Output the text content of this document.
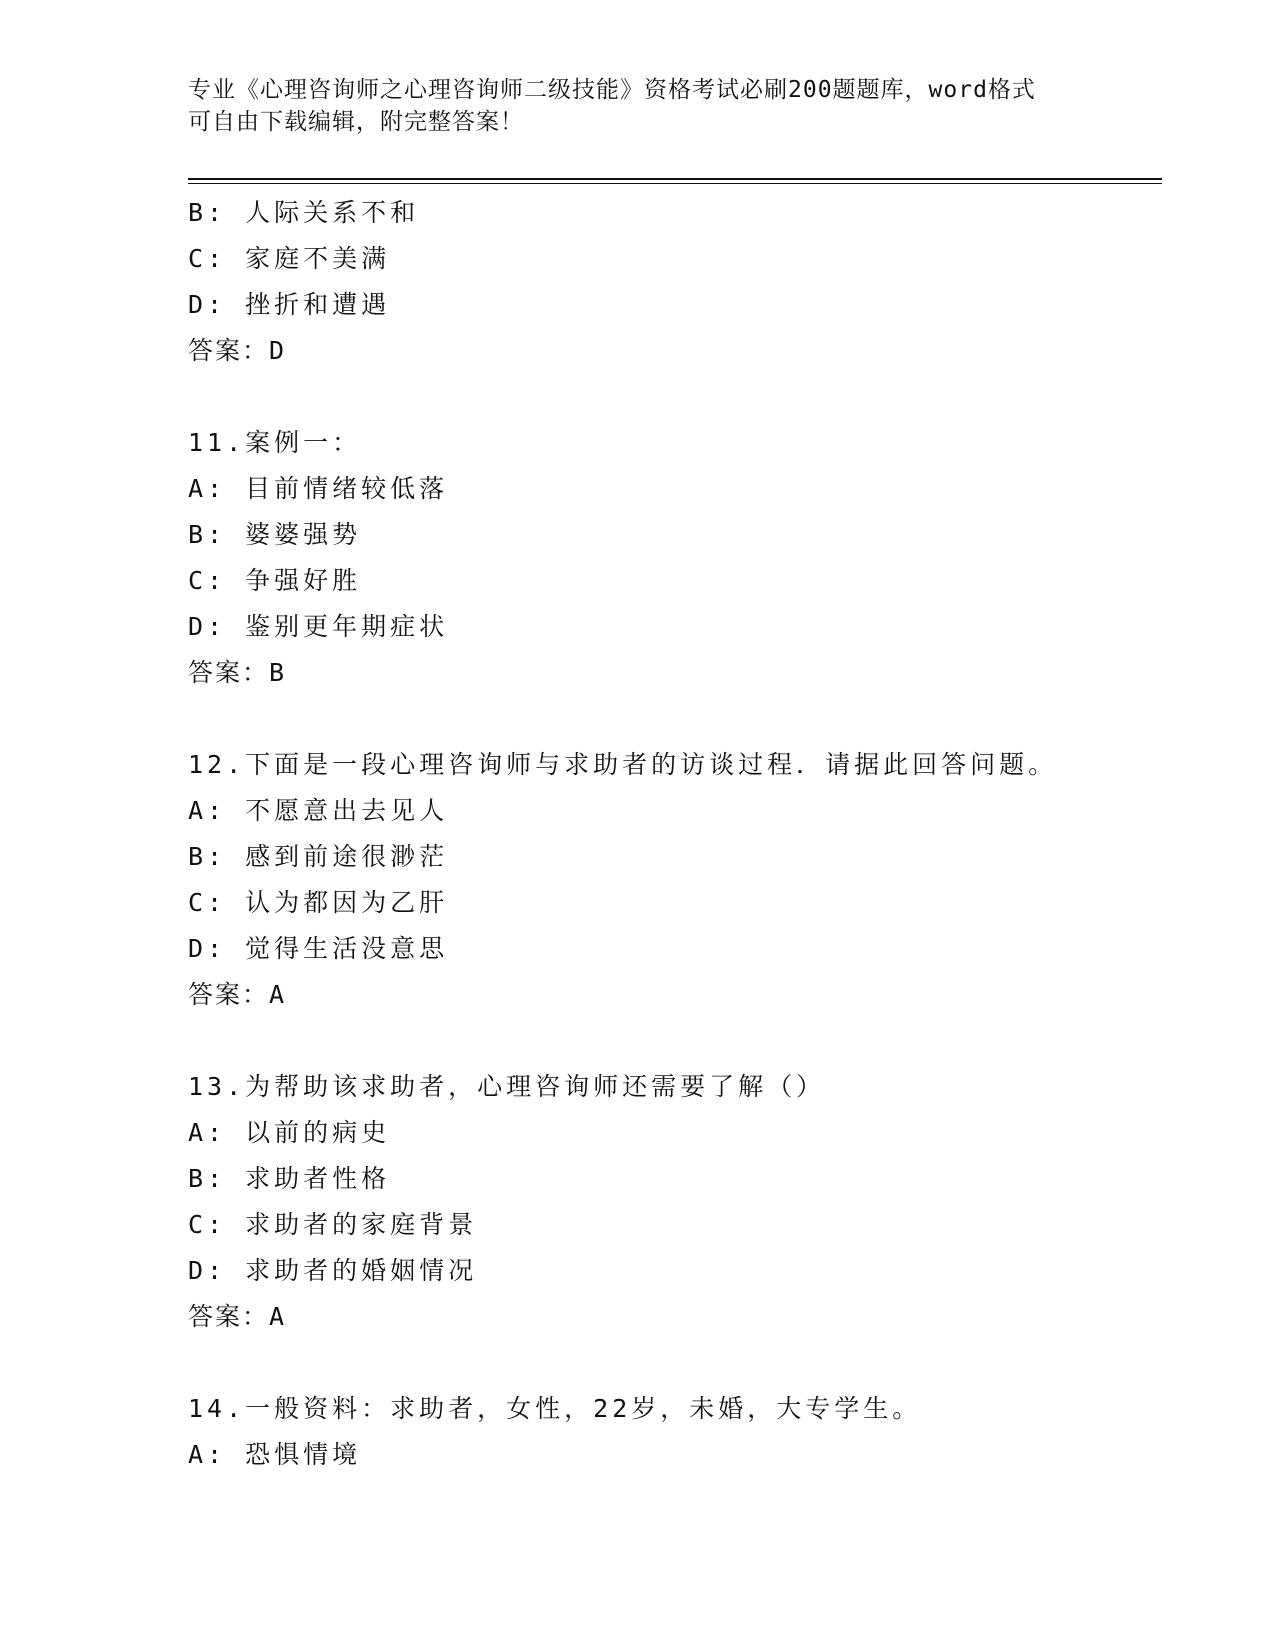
专业《心理咨询师之心理咨询师二级技能》资格考试必刷200题题库，word格式
可自由下载编辑，附完整答案！
B: 人际关系不和
C: 家庭不美满
D: 挫折和遭遇
答案：D
11.案例一：
A: 目前情绪较低落
B: 婆婆强势
C: 争强好胜
D: 鉴别更年期症状
答案：B
12.下面是一段心理咨询师与求助者的访谈过程．请据此回答问题。
A: 不愿意出去见人
B: 感到前途很渺茫
C: 认为都因为乙肝
D: 觉得生活没意思
答案：A
13.为帮助该求助者，心理咨询师还需要了解（）
A: 以前的病史
B: 求助者性格
C: 求助者的家庭背景
D: 求助者的婚姻情况
答案：A
14.一般资料：求助者，女性，22岁，未婚，大专学生。
A: 恐惧情境
